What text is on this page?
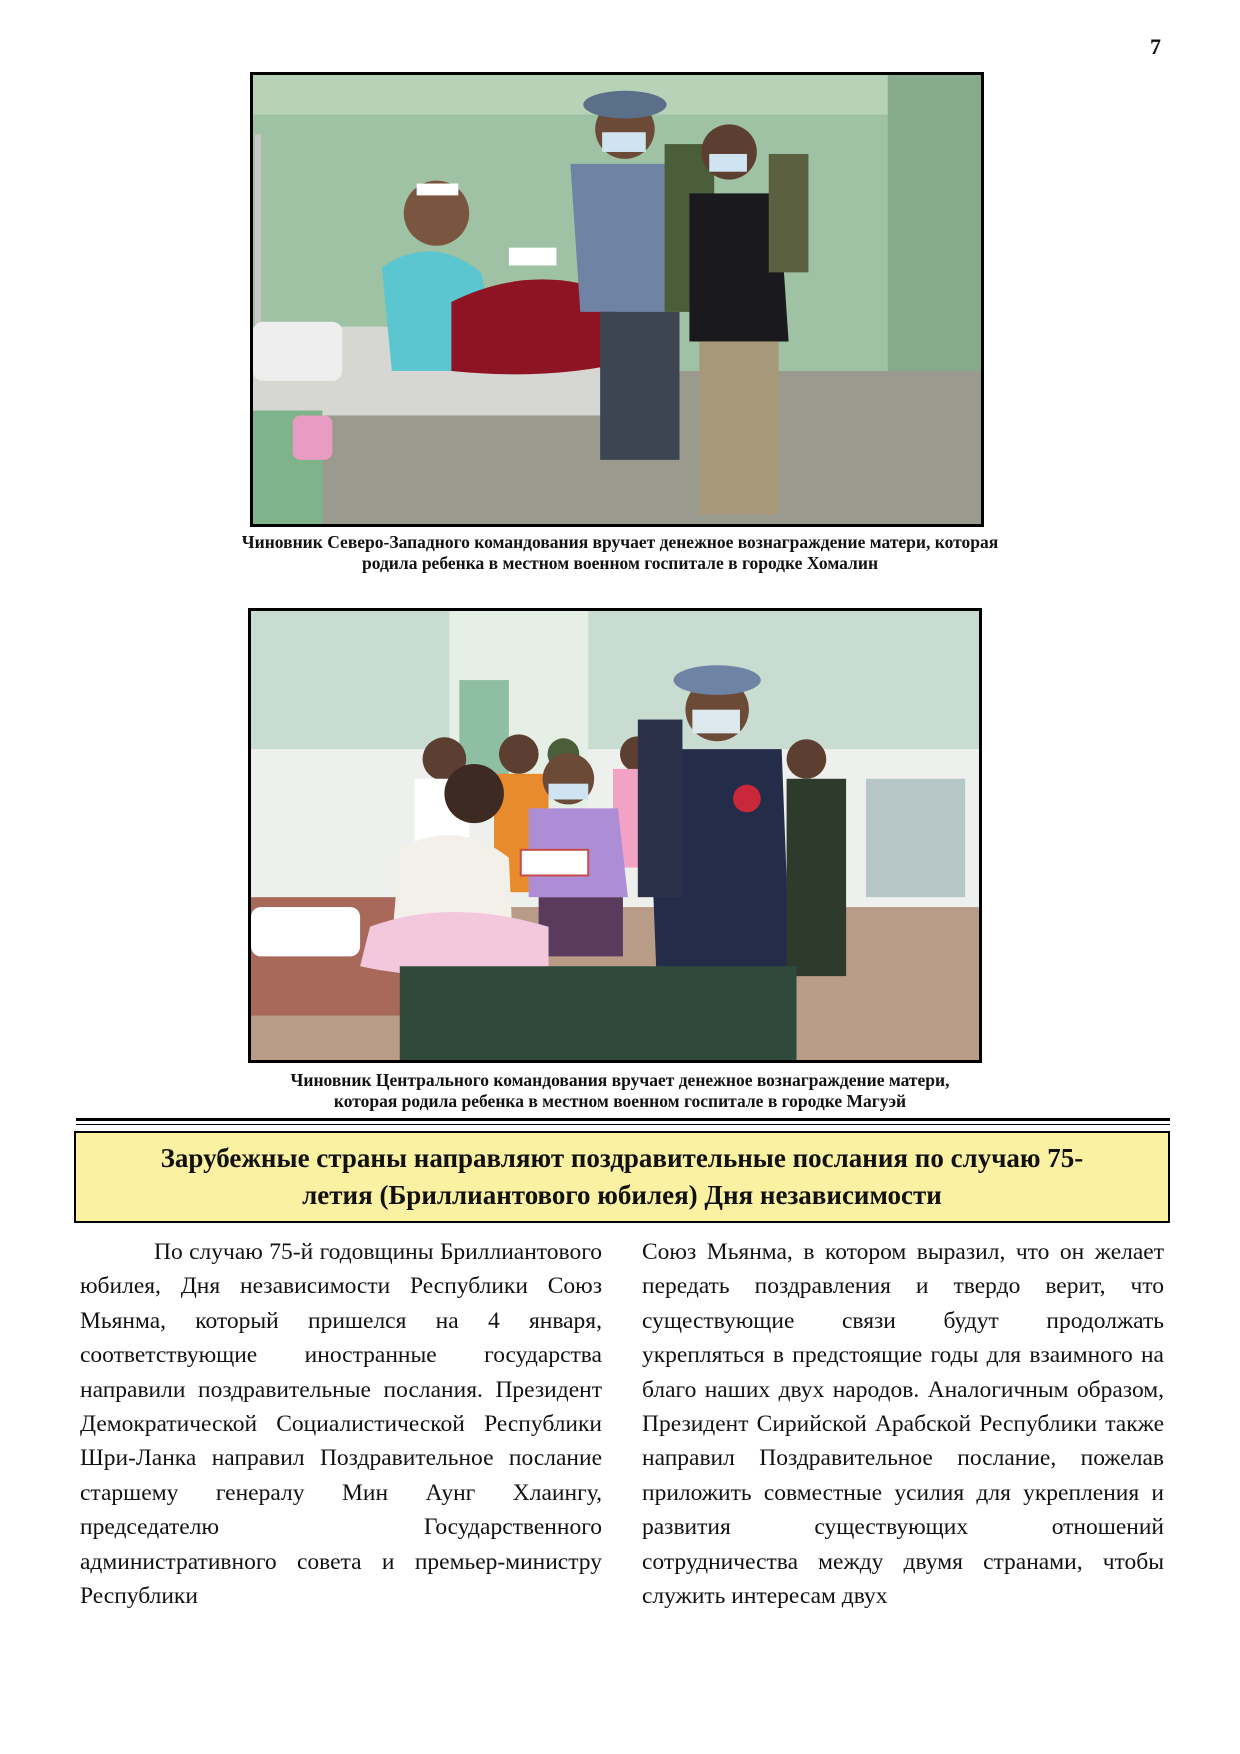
7
Чиновник Северо-Западного командования вручает денежное вознаграждение матери, которая
родила ребенка в местном военном госпитале в городке Хомалин
Чиновник Центрального командования вручает денежное вознаграждение матери,
которая родила ребенка в местном военном госпитале в городке Магуэй
Зарубежные страны направляют поздравительные послания по случаю 75-
летия (Бриллиантового юбилея) Дня независимости

По случаю 75-й годовщины Бриллиантового юбилея, Дня независимости Республики Союз Мьянма, который пришелся на 4 января, соответствующие иностранные государства направили поздравительные послания. Президент Демократической Социалистической Республики Шри-Ланка направил Поздравительное послание старшему генералу Мин Аунг Хлаингу, председателю Государственного административного совета и премьер-министру Республики

Союз Мьянма, в котором выразил, что он желает передать поздравления и твердо верит, что существующие связи будут продолжать укрепляться в предстоящие годы для взаимного на благо наших двух народов. Аналогичным образом, Президент Сирийской Арабской Республики также направил Поздравительное послание, пожелав приложить совместные усилия для укрепления и развития существующих отношений сотрудничества между двумя странами, чтобы служить интересам двух
